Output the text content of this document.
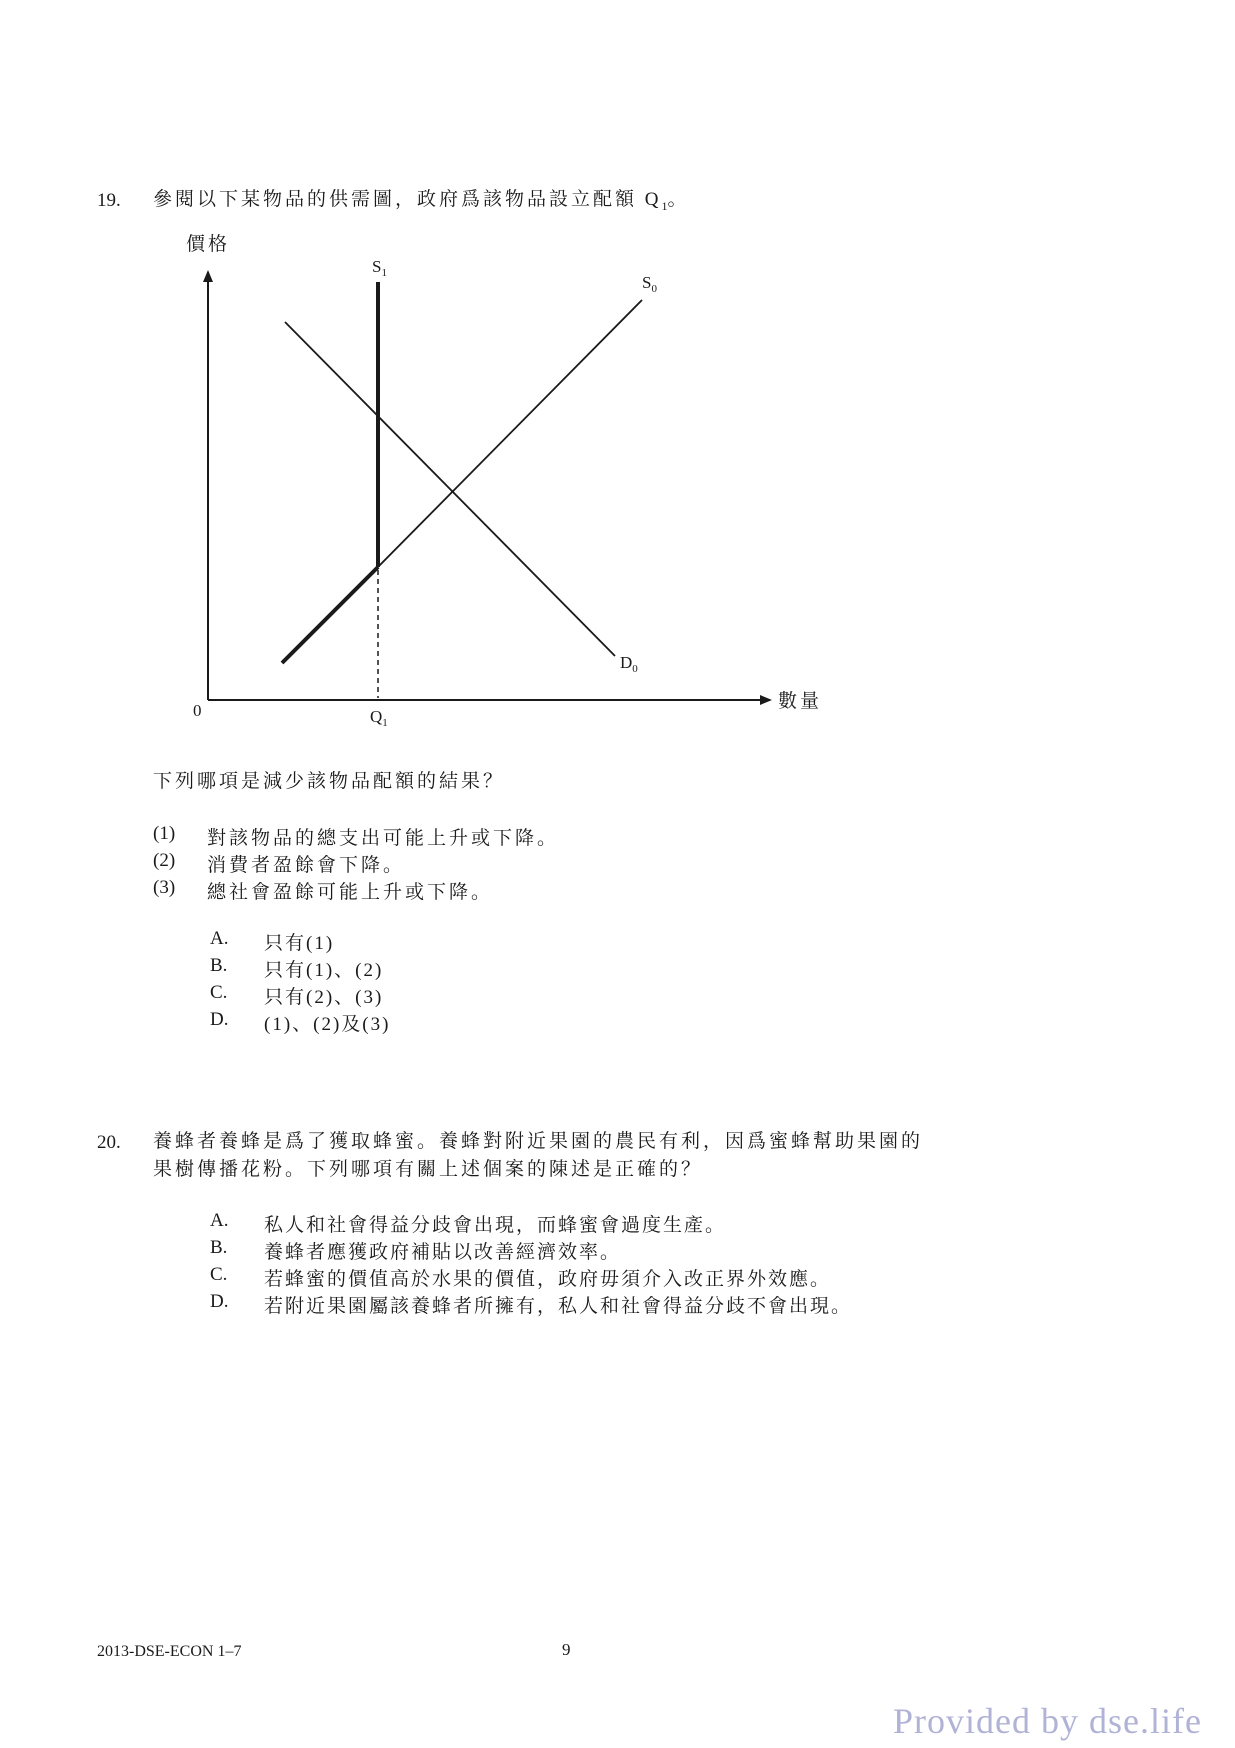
19. 參閱以下某物品的供需圖，政府爲該物品設立配額 $Q_1$。
價格
數量
0
$S_1$	$S_0$
$D_0$
$Q_1$
下列哪項是減少該物品配額的結果？
(1) 對該物品的總支出可能上升或下降。
(2) 消費者盈餘會下降。
(3) 總社會盈餘可能上升或下降。
A. 只有(1)
B. 只有(1)、(2)
C. 只有(2)、(3)
D. (1)、(2)及(3)
20. 養蜂者養蜂是爲了獲取蜂蜜。養蜂對附近果園的農民有利，因爲蜜蜂幫助果園的
果樹傳播花粉。下列哪項有關上述個案的陳述是正確的？
A. 私人和社會得益分歧會出現，而蜂蜜會過度生產。
B. 養蜂者應獲政府補貼以改善經濟效率。
C. 若蜂蜜的價值高於水果的價值，政府毋須介入改正界外效應。
D. 若附近果園屬該養蜂者所擁有，私人和社會得益分歧不會出現。
2013-DSE-ECON 1–7	9
Provided by dse.life
